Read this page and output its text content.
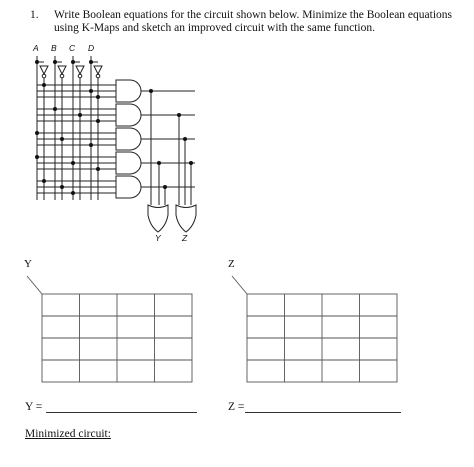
1. Write Boolean equations for the circuit shown below. Minimize the Boolean equations using K-Maps and sketch an improved circuit with the same function.
A B C D
Y	Z
Y	Z
Y =	Z =
Minimized circuit:
